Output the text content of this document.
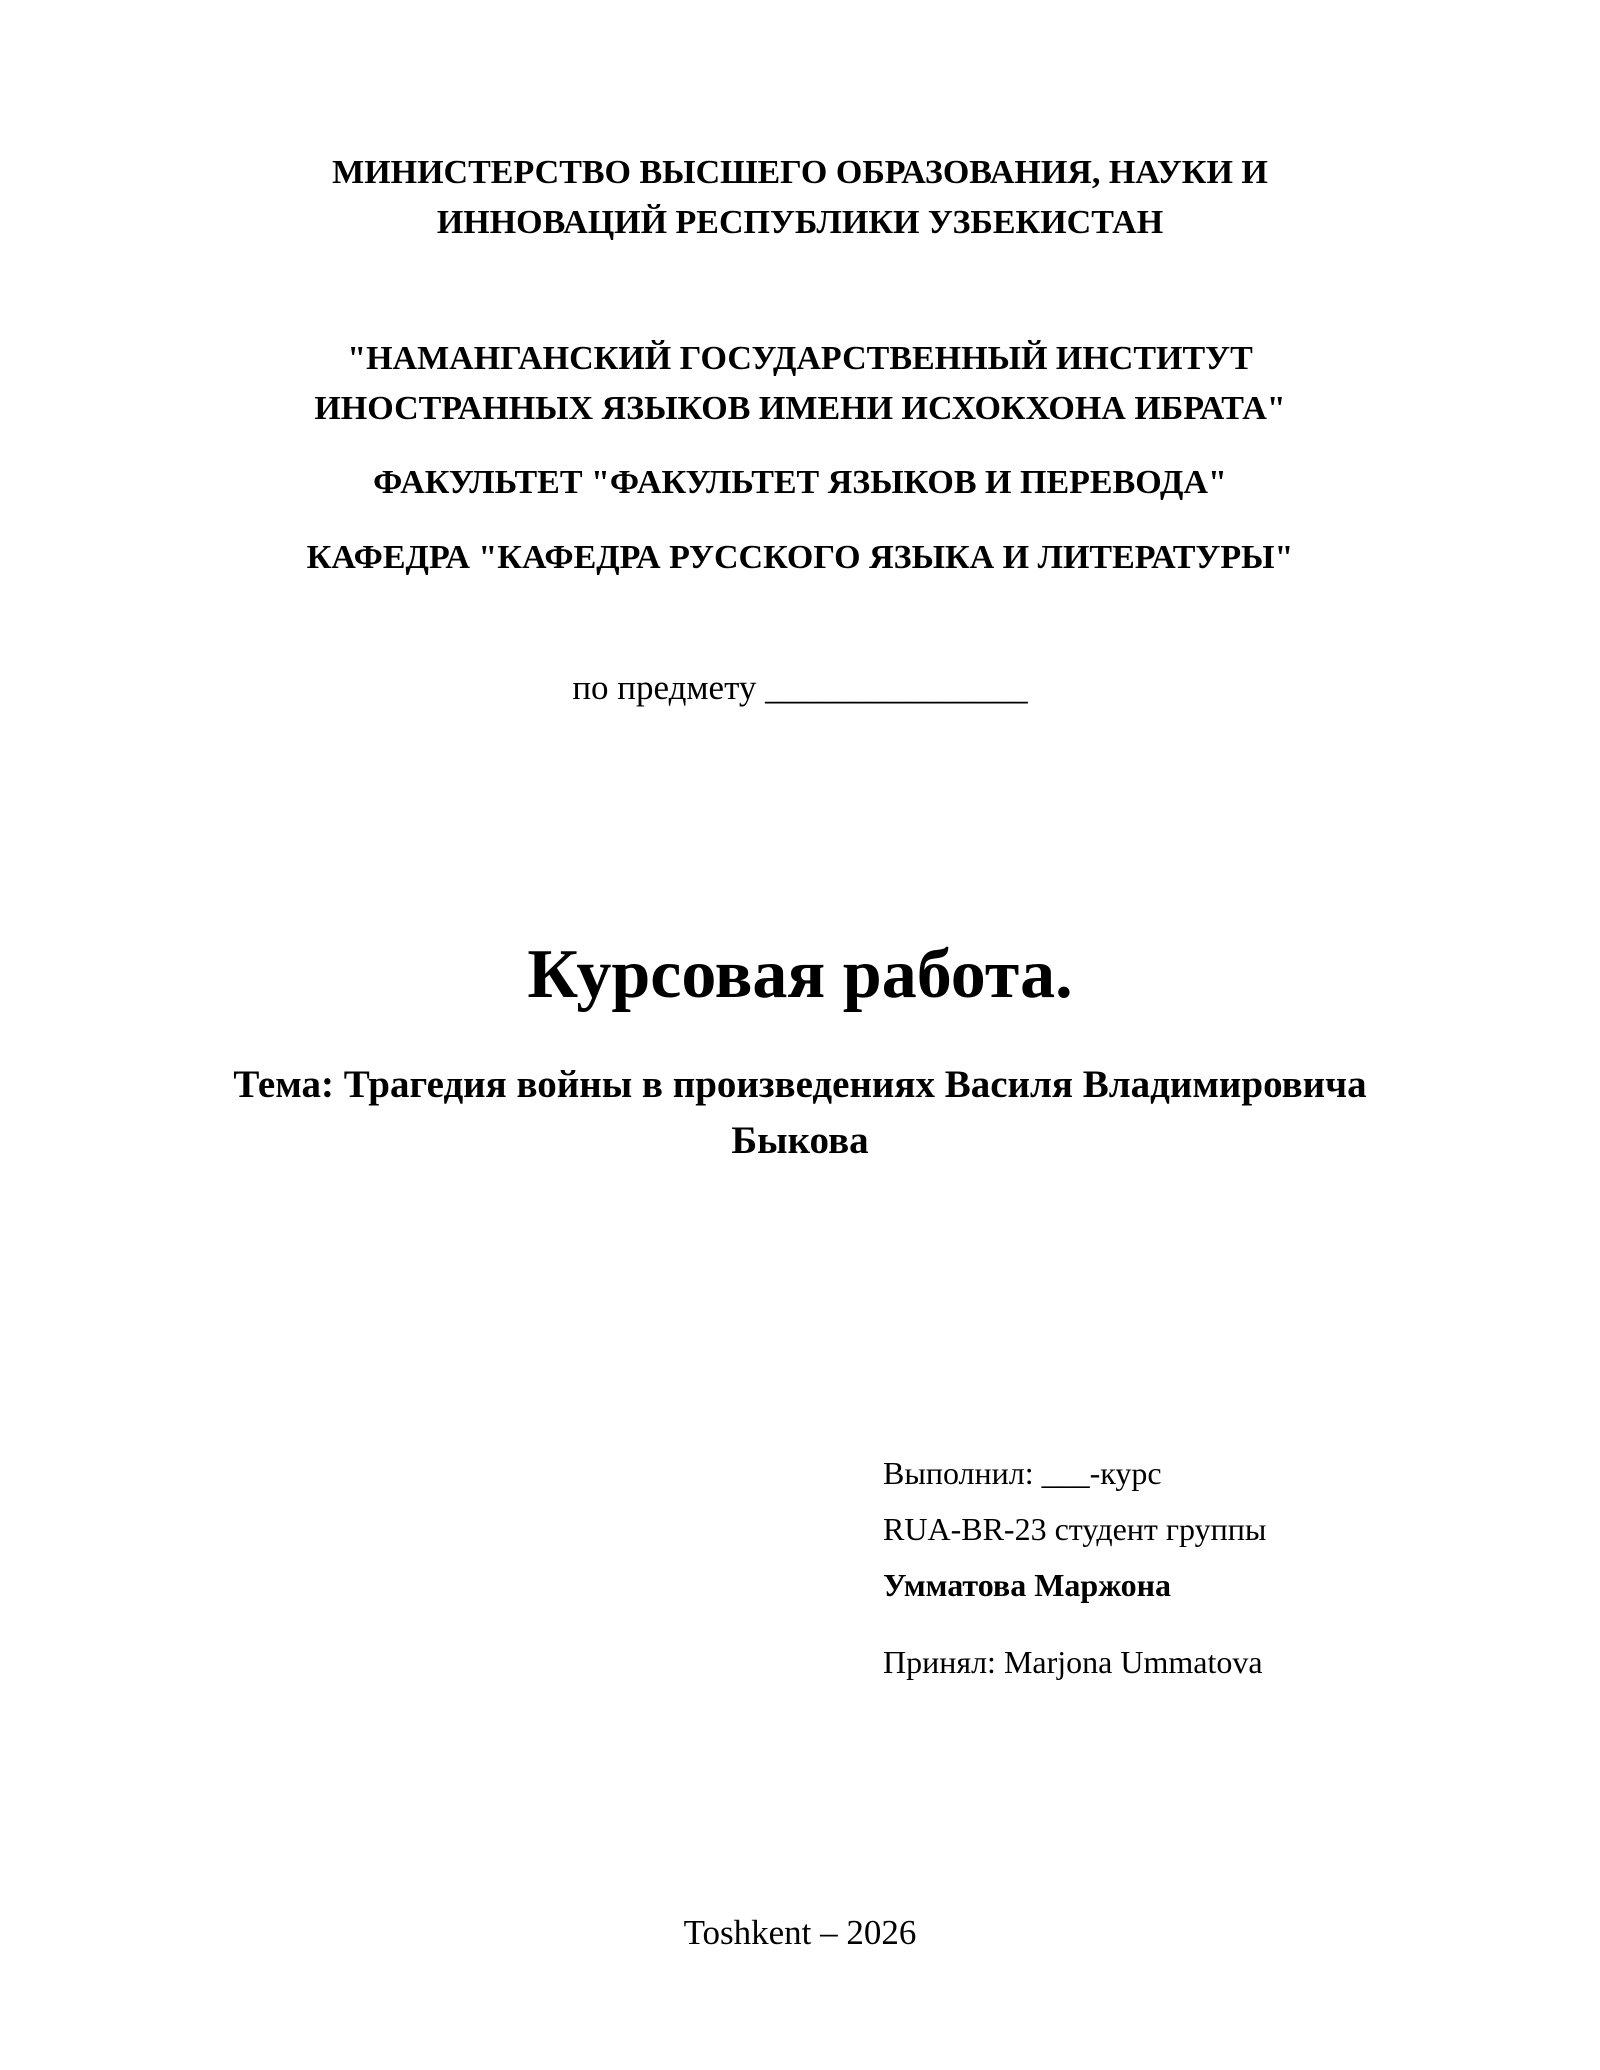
МИНИСТЕРСТВО ВЫСШЕГО ОБРАЗОВАНИЯ, НАУКИ И
ИННОВАЦИЙ РЕСПУБЛИКИ УЗБЕКИСТАН
"НАМАНГАНСКИЙ ГОСУДАРСТВЕННЫЙ ИНСТИТУТ
ИНОСТРАННЫХ ЯЗЫКОВ ИМЕНИ ИСХОКХОНА ИБРАТА"
ФАКУЛЬТЕТ "ФАКУЛЬТЕТ ЯЗЫКОВ И ПЕРЕВОДА"
КАФЕДРА "КАФЕДРА РУССКОГО ЯЗЫКА И ЛИТЕРАТУРЫ"
по предмету _______________
Курсовая работа.
Тема: Трагедия войны в произведениях Василя Владимировича
Быкова
Выполнил: ___-курс
RUA-BR-23 студент группы
Умматова Маржона
Принял: Marjona Ummatova
Toshkent – 2026
